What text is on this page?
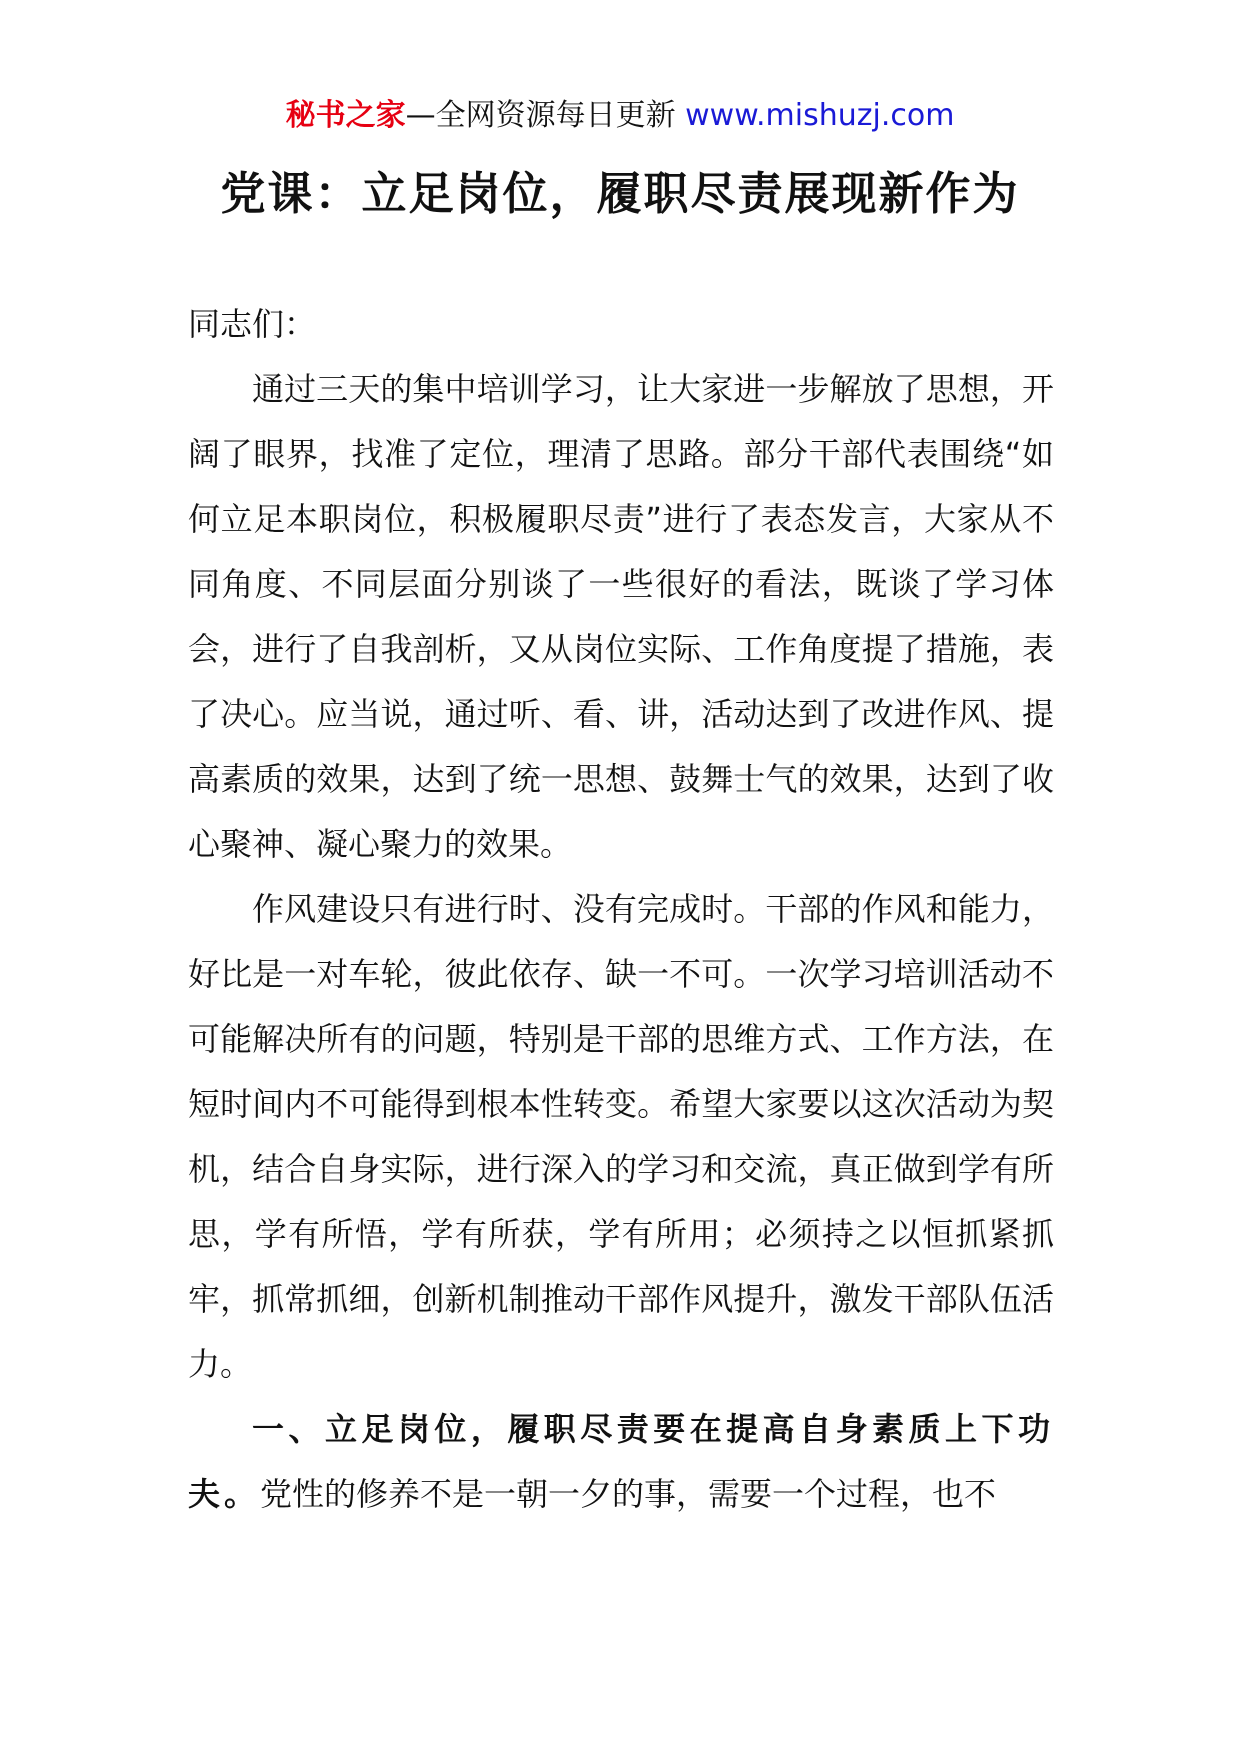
秘书之家—全网资源每日更新 www.mishuzj.com
党课：立足岗位，履职尽责展现新作为

同志们：

通过三天的集中培训学习，让大家进一步解放了思想，开阔了眼界，找准了定位，理清了思路。部分干部代表围绕“如何立足本职岗位，积极履职尽责”进行了表态发言，大家从不同角度、不同层面分别谈了一些很好的看法，既谈了学习体会，进行了自我剖析，又从岗位实际、工作角度提了措施，表了决心。应当说，通过听、看、讲，活动达到了改进作风、提高素质的效果，达到了统一思想、鼓舞士气的效果，达到了收心聚神、凝心聚力的效果。

作风建设只有进行时、没有完成时。干部的作风和能力，好比是一对车轮，彼此依存、缺一不可。一次学习培训活动不可能解决所有的问题，特别是干部的思维方式、工作方法，在短时间内不可能得到根本性转变。希望大家要以这次活动为契机，结合自身实际，进行深入的学习和交流，真正做到学有所思，学有所悟，学有所获，学有所用；必须持之以恒抓紧抓牢，抓常抓细，创新机制推动干部作风提升，激发干部队伍活力。

一、立足岗位，履职尽责要在提高自身素质上下功夫。党性的修养不是一朝一夕的事，需要一个过程，也不
